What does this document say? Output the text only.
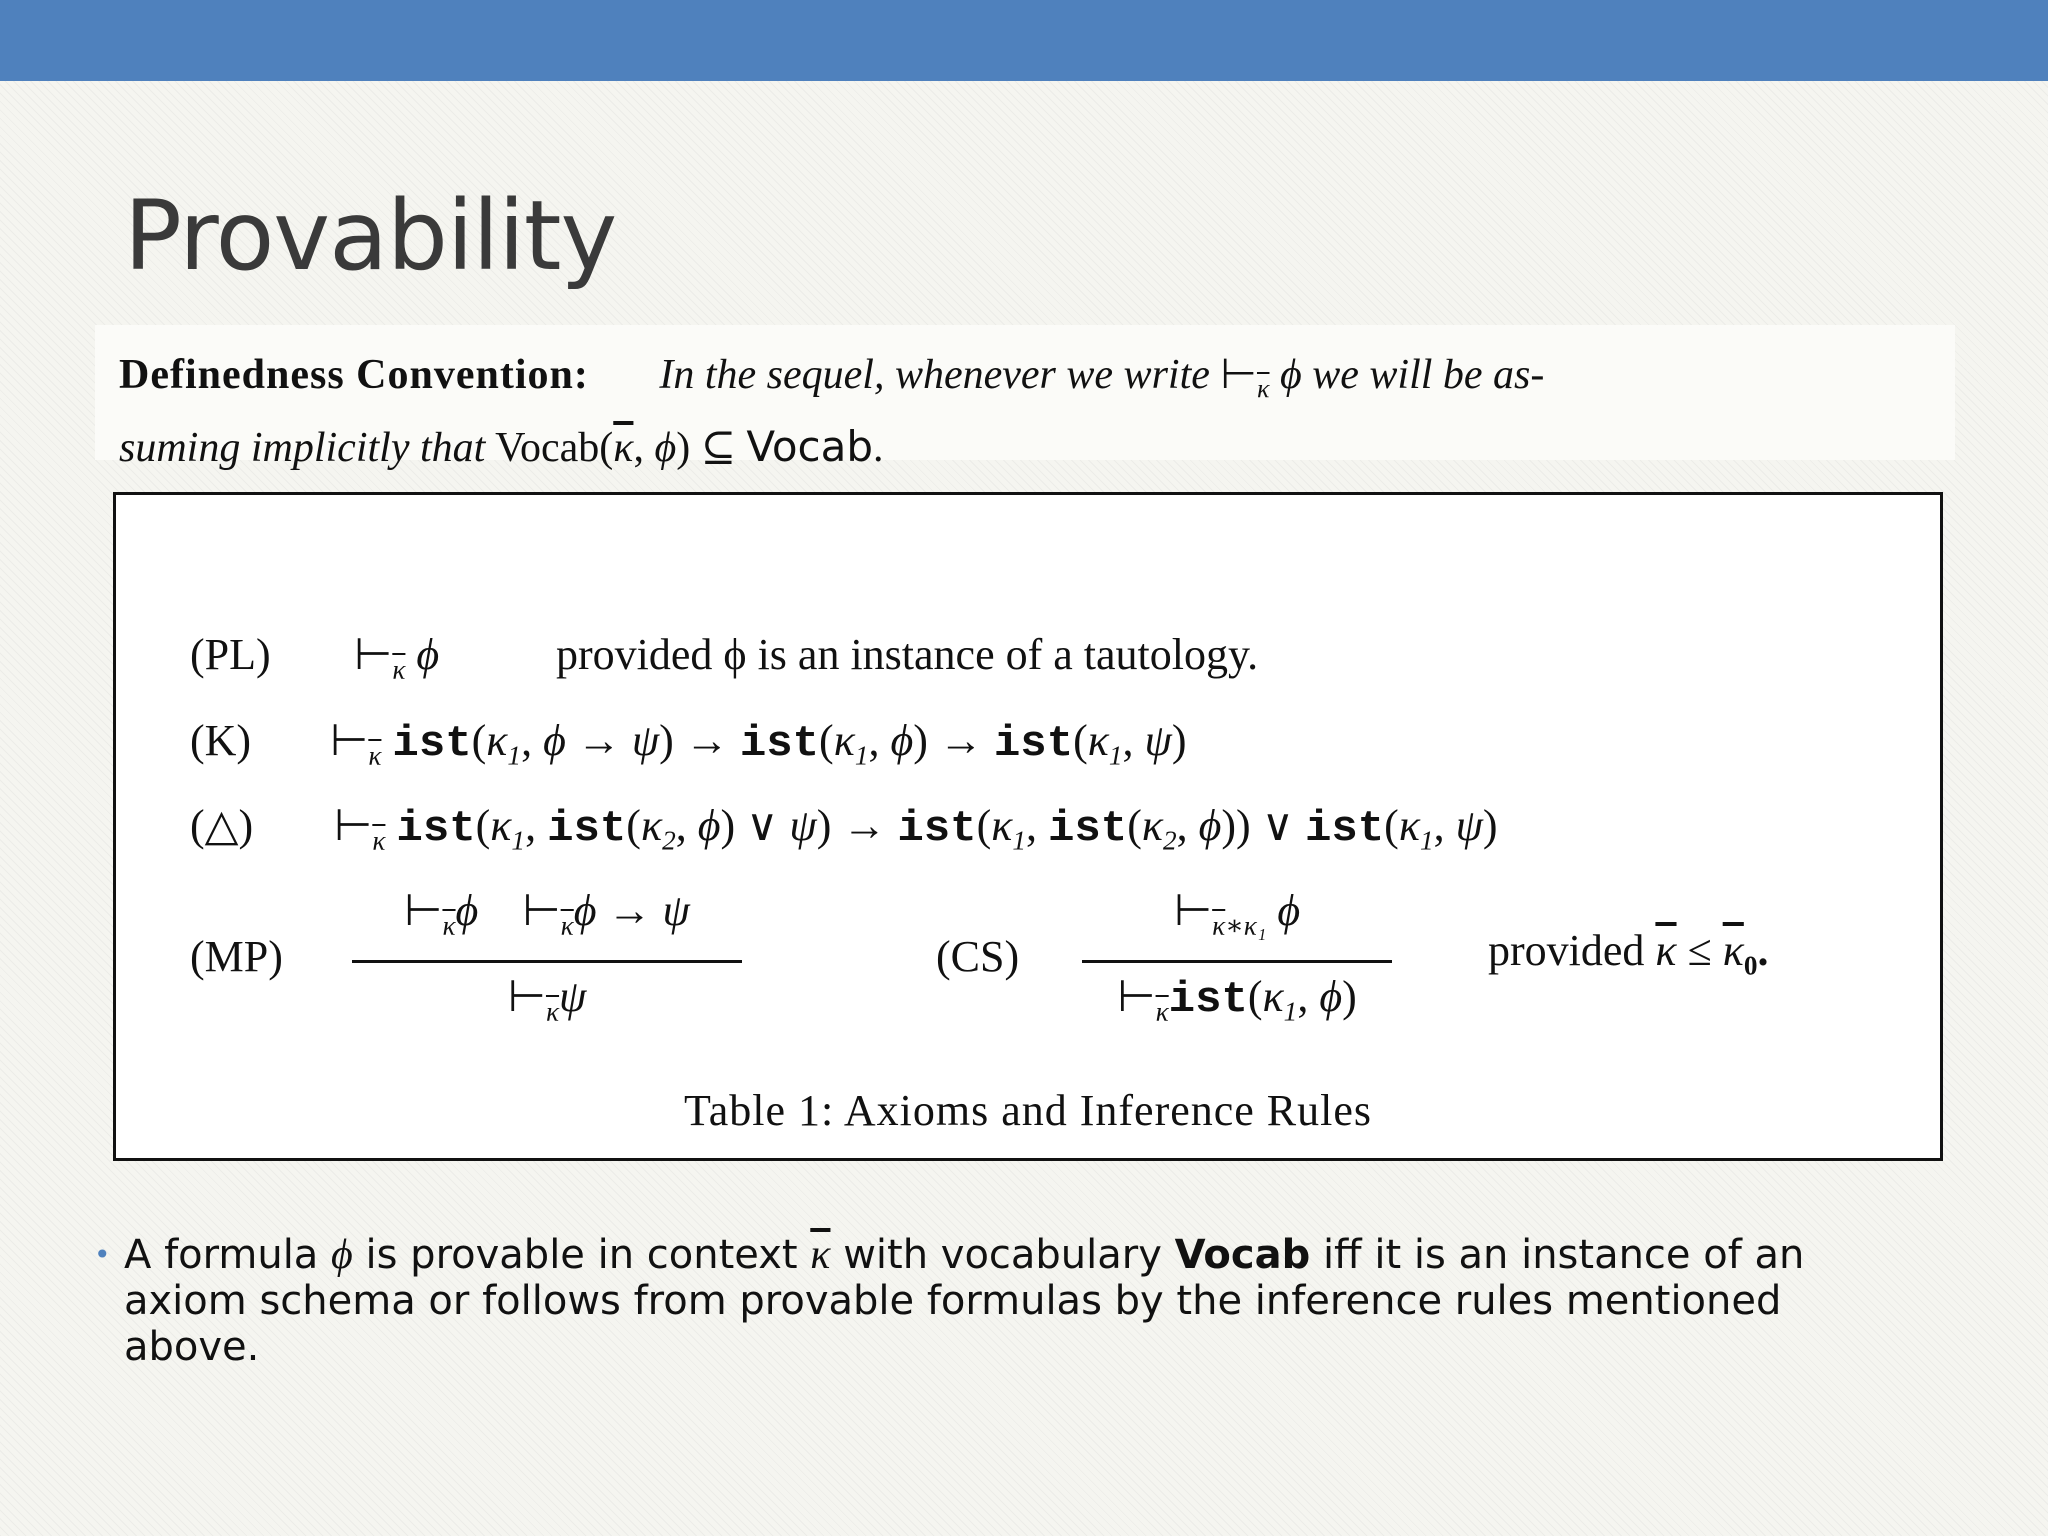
Provability
Definedness Convention: In the sequel, whenever we write $⊢_{\overline{\kappa}}$ ϕ we will be as-
suming implicitly that $Vocab(\overline{\kappa}$, ϕ) ⊆ Vocab.
(PL) $⊢_{\overline{\kappa}}$ ϕ	provided ϕ is an instance of a tautology.
(K) $⊢_{\overline{\kappa}}$ $ist(\kappa_1$, $\phi \to \psi) \to ist(\kappa_1$, $\phi) \to ist(\kappa_1$, ψ)
(△) $⊢_{\overline{\kappa}}$ $ist(\kappa_1$, $ist(\kappa_2$, ϕ) ∨ $\psi) \to ist(\kappa_1$, $ist(\kappa_2$, ϕ)) ∨ $ist(\kappa_1$, ψ)
(MP)
$⊢_{\overline{\kappa}}\phi$ $⊢_{\overline{\kappa}}\phi \to \psi$
$⊢_{\overline{\kappa}}\psi$
(CS)
$⊢_{\overline{\kappa}∗\kappa_1}$ ϕ
$⊢_{\overline{\kappa}}ist(\kappa_1$, ϕ)
provided $\overline{\kappa} \le \overline{\kappa}_0$.
Table 1: Axioms and Inference Rules
• A formula ϕ is provable in context $\overline{\kappa}$ with vocabulary Vocab iff it is an instance of an axiom schema or follows from provable formulas by the inference rules mentioned above.
